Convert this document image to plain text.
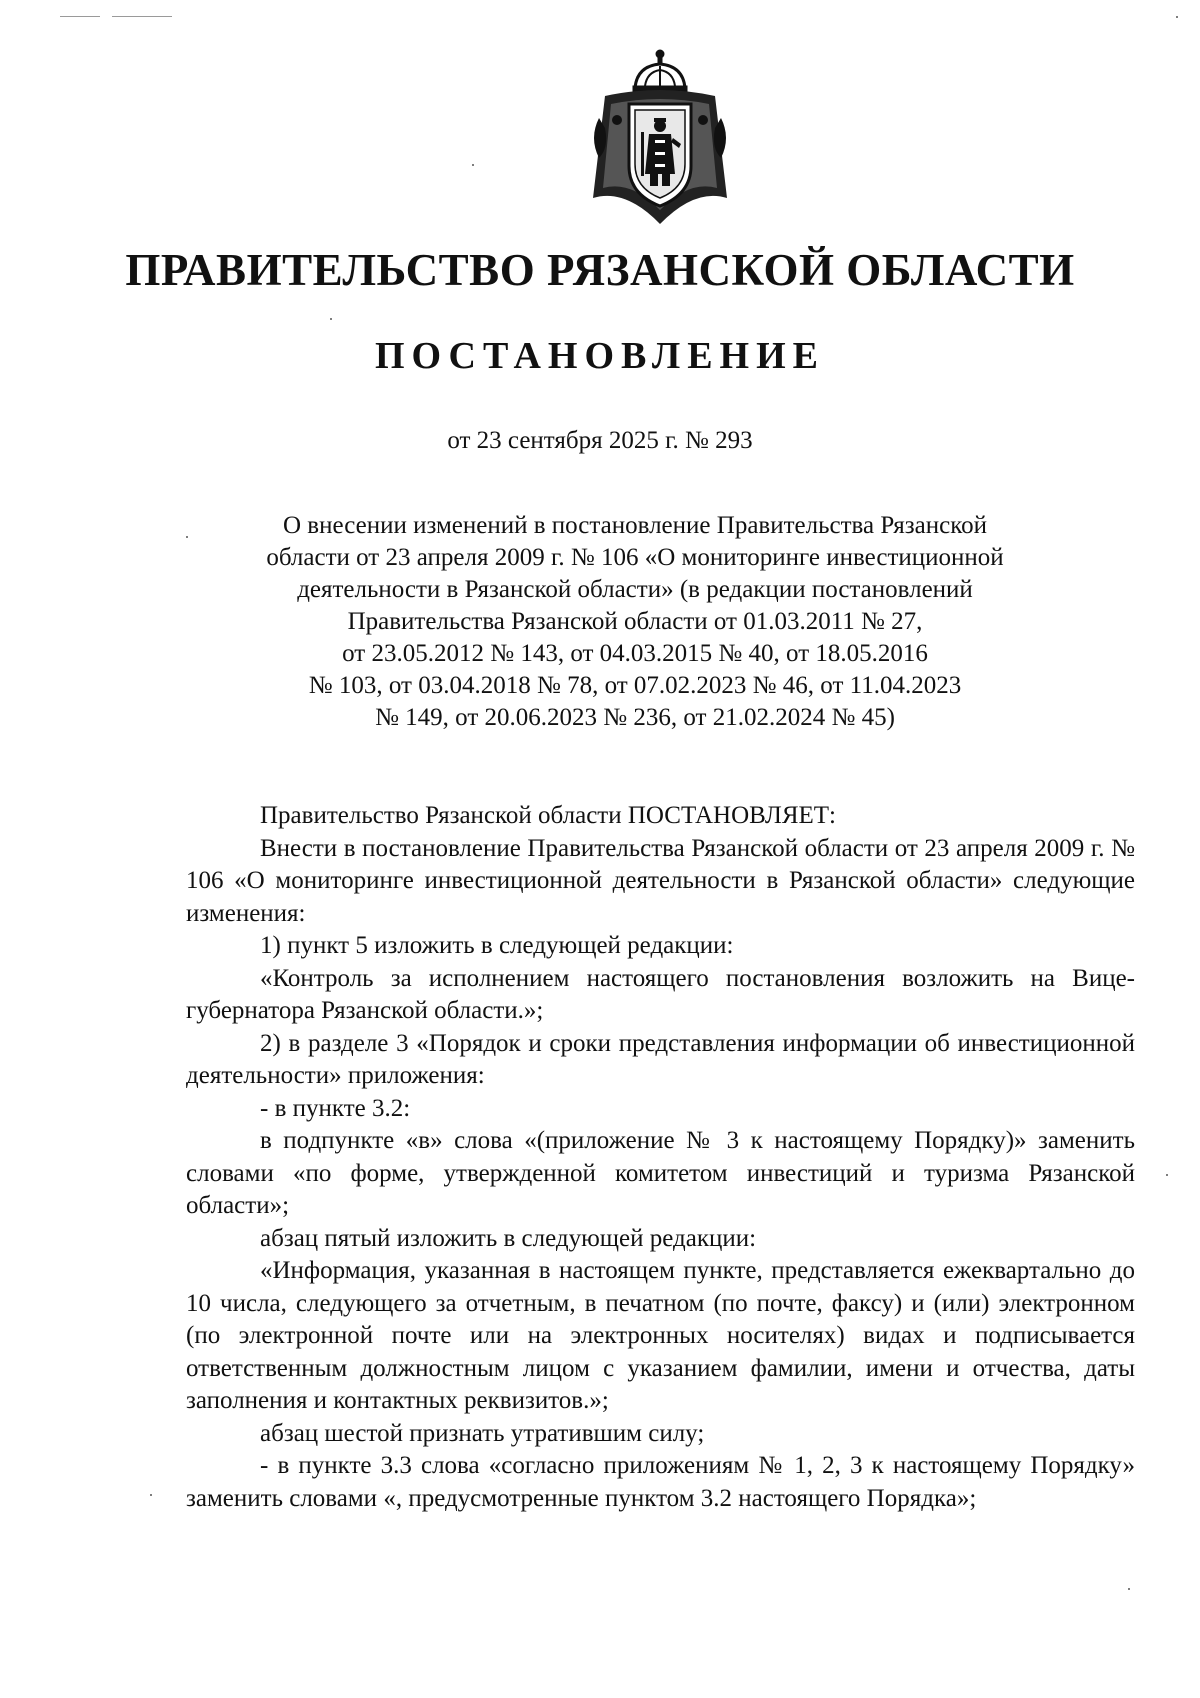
ПРАВИТЕЛЬСТВО РЯЗАНСКОЙ ОБЛАСТИ
ПОСТАНОВЛЕНИЕ
от 23 сентября 2025 г. № 293
О внесении изменений в постановление Правительства Рязанской
области от 23 апреля 2009 г. № 106 «О мониторинге инвестиционной
деятельности в Рязанской области» (в редакции постановлений
Правительства Рязанской области от 01.03.2011 № 27,
от 23.05.2012 № 143, от 04.03.2015 № 40, от 18.05.2016
№ 103, от 03.04.2018 № 78, от 07.02.2023 № 46, от 11.04.2023
№ 149, от 20.06.2023 № 236, от 21.02.2024 № 45)

Правительство Рязанской области ПОСТАНОВЛЯЕТ:

Внести в постановление Правительства Рязанской области от 23 апреля 2009 г. № 106 «О мониторинге инвестиционной деятельности в Рязанской области» следующие изменения:

1) пункт 5 изложить в следующей редакции:

«Контроль за исполнением настоящего постановления возложить на Вице-губернатора Рязанской области.»;

2) в разделе 3 «Порядок и сроки представления информации об инвестиционной деятельности» приложения:

- в пункте 3.2:

в подпункте «в» слова «(приложение № 3 к настоящему Порядку)» заменить словами «по форме, утвержденной комитетом инвестиций и туризма Рязанской области»;

абзац пятый изложить в следующей редакции:

«Информация, указанная в настоящем пункте, представляется ежеквартально до 10 числа, следующего за отчетным, в печатном (по почте, факсу) и (или) электронном (по электронной почте или на электронных носителях) видах и подписывается ответственным должностным лицом с указанием фамилии, имени и отчества, даты заполнения и контактных реквизитов.»;

абзац шестой признать утратившим силу;

- в пункте 3.3 слова «согласно приложениям № 1, 2, 3 к настоящему Порядку» заменить словами «, предусмотренные пунктом 3.2 настоящего Порядка»;
